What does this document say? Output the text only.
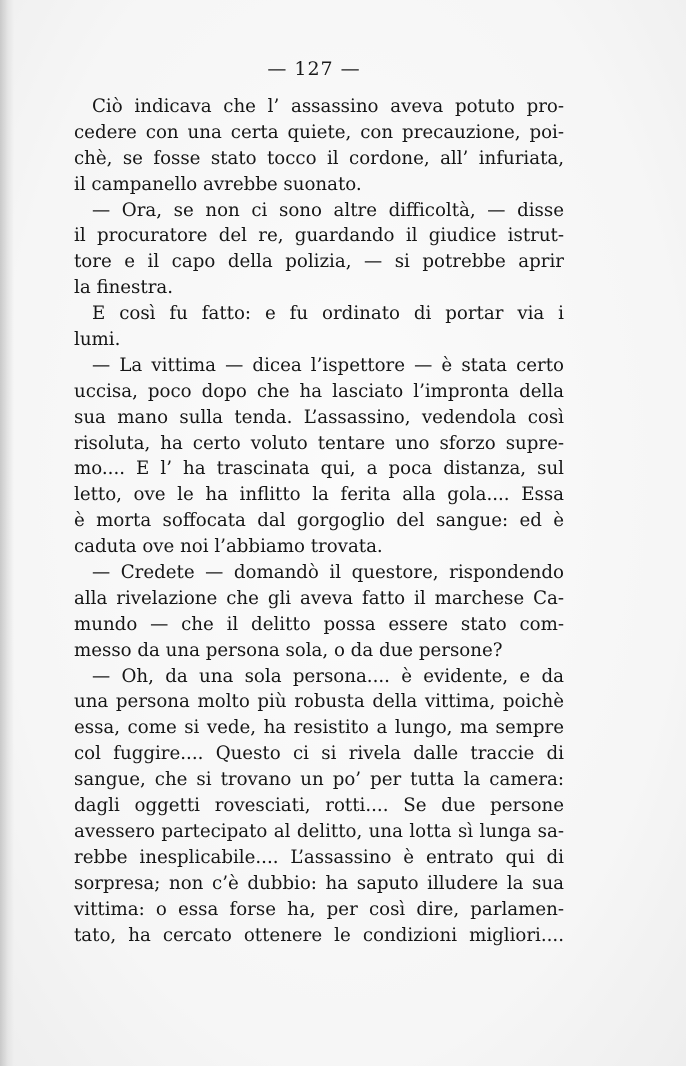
— 127 —
Ciò indicava che l’ assassino aveva potuto pro-
cedere con una certa quiete, con precauzione, poi-
chè, se fosse stato tocco il cordone, all’ infuriata,
il campanello avrebbe suonato.
— Ora, se non ci sono altre difficoltà, — disse
il procuratore del re, guardando il giudice istrut-
tore e il capo della polizia, — si potrebbe aprir
la finestra.
E così fu fatto: e fu ordinato di portar via i
lumi.
— La vittima — dicea l’ispettore — è stata certo
uccisa, poco dopo che ha lasciato l’impronta della
sua mano sulla tenda. L’assassino, vedendola così
risoluta, ha certo voluto tentare uno sforzo supre-
mo.... E l’ ha trascinata qui, a poca distanza, sul
letto, ove le ha inflitto la ferita alla gola.... Essa
è morta soffocata dal gorgoglio del sangue: ed è
caduta ove noi l’abbiamo trovata.
— Credete — domandò il questore, rispondendo
alla rivelazione che gli aveva fatto il marchese Ca-
mundo — che il delitto possa essere stato com-
messo da una persona sola, o da due persone?
— Oh, da una sola persona.... è evidente, e da
una persona molto più robusta della vittima, poichè
essa, come si vede, ha resistito a lungo, ma sempre
col fuggire.... Questo ci si rivela dalle traccie di
sangue, che si trovano un po’ per tutta la camera:
dagli oggetti rovesciati, rotti.... Se due persone
avessero partecipato al delitto, una lotta sì lunga sa-
rebbe inesplicabile.... L’assassino è entrato qui di
sorpresa; non c’è dubbio: ha saputo illudere la sua
vittima: o essa forse ha, per così dire, parlamen-
tato, ha cercato ottenere le condizioni migliori....
